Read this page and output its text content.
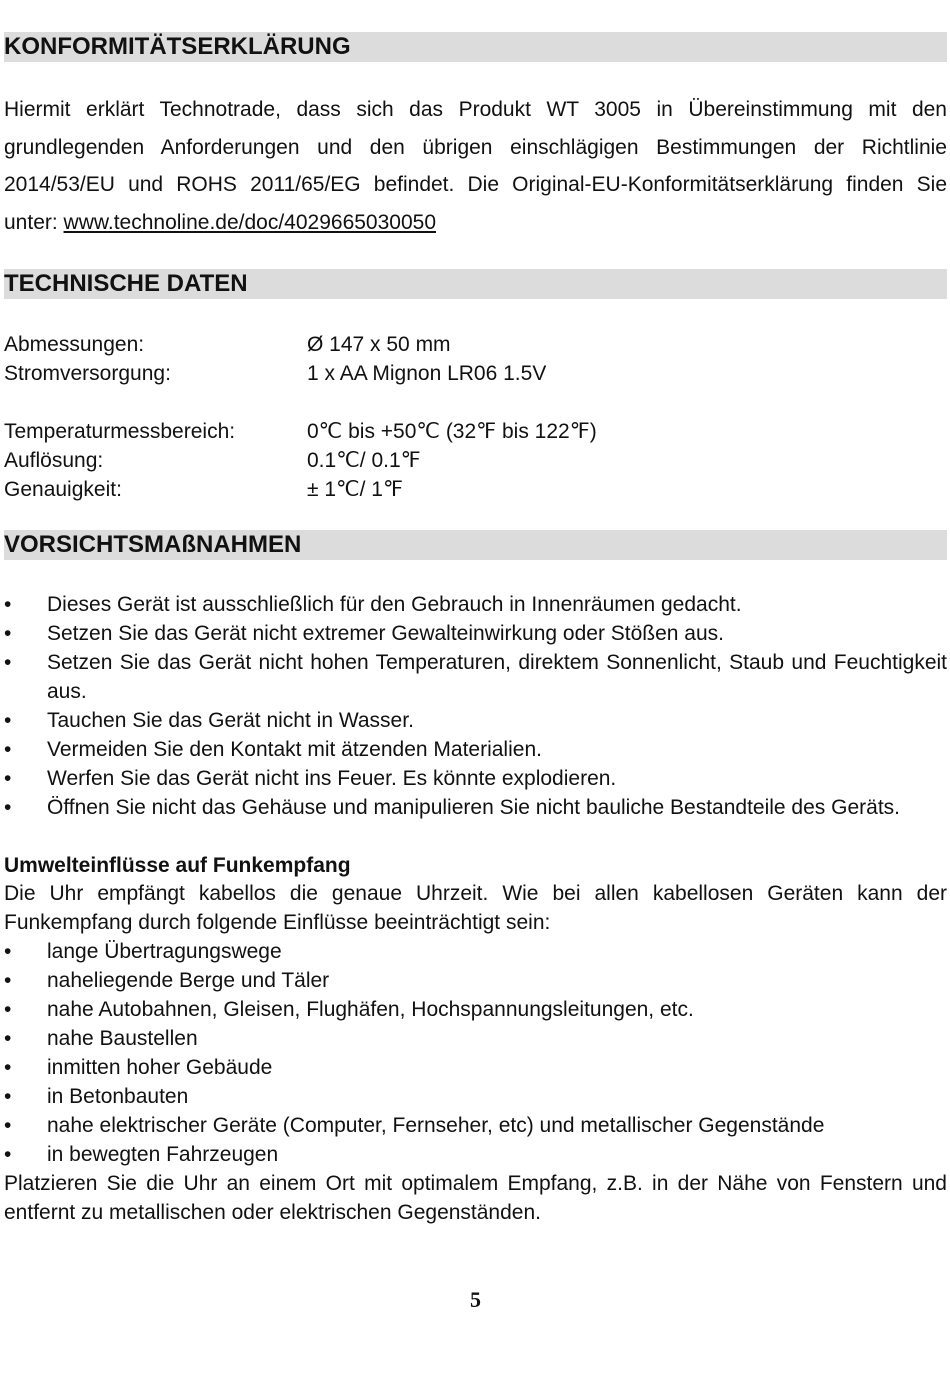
KONFORMITÄTSERKLÄRUNG
Hiermit erklärt Technotrade, dass sich das Produkt WT 3005 in Übereinstimmung mit den grundlegenden Anforderungen und den übrigen einschlägigen Bestimmungen der Richtlinie 2014/53/EU und ROHS 2011/65/EG befindet. Die Original-EU-Konformitätserklärung finden Sie unter: www.technoline.de/doc/4029665030050
TECHNISCHE DATEN
Abmessungen:	Ø 147 x 50 mm
Stromversorgung:	1 x AA Mignon LR06 1.5V
Temperaturmessbereich:	0℃ bis +50℃ (32℉ bis 122℉)
Auflösung:	0.1℃/ 0.1℉
Genauigkeit:	± 1℃/ 1℉
VORSICHTSMAßNAHMEN
• Dieses Gerät ist ausschließlich für den Gebrauch in Innenräumen gedacht.
• Setzen Sie das Gerät nicht extremer Gewalteinwirkung oder Stößen aus.
• Setzen Sie das Gerät nicht hohen Temperaturen, direktem Sonnenlicht, Staub und Feuchtigkeit aus.
• Tauchen Sie das Gerät nicht in Wasser.
• Vermeiden Sie den Kontakt mit ätzenden Materialien.
• Werfen Sie das Gerät nicht ins Feuer. Es könnte explodieren.
• Öffnen Sie nicht das Gehäuse und manipulieren Sie nicht bauliche Bestandteile des Geräts.
Umwelteinflüsse auf Funkempfang
Die Uhr empfängt kabellos die genaue Uhrzeit. Wie bei allen kabellosen Geräten kann der Funkempfang durch folgende Einflüsse beeinträchtigt sein:
• lange Übertragungswege
• naheliegende Berge und Täler
• nahe Autobahnen, Gleisen, Flughäfen, Hochspannungsleitungen, etc.
• nahe Baustellen
• inmitten hoher Gebäude
• in Betonbauten
• nahe elektrischer Geräte (Computer, Fernseher, etc) und metallischer Gegenstände
• in bewegten Fahrzeugen
Platzieren Sie die Uhr an einem Ort mit optimalem Empfang, z.B. in der Nähe von Fenstern und entfernt zu metallischen oder elektrischen Gegenständen.
5
